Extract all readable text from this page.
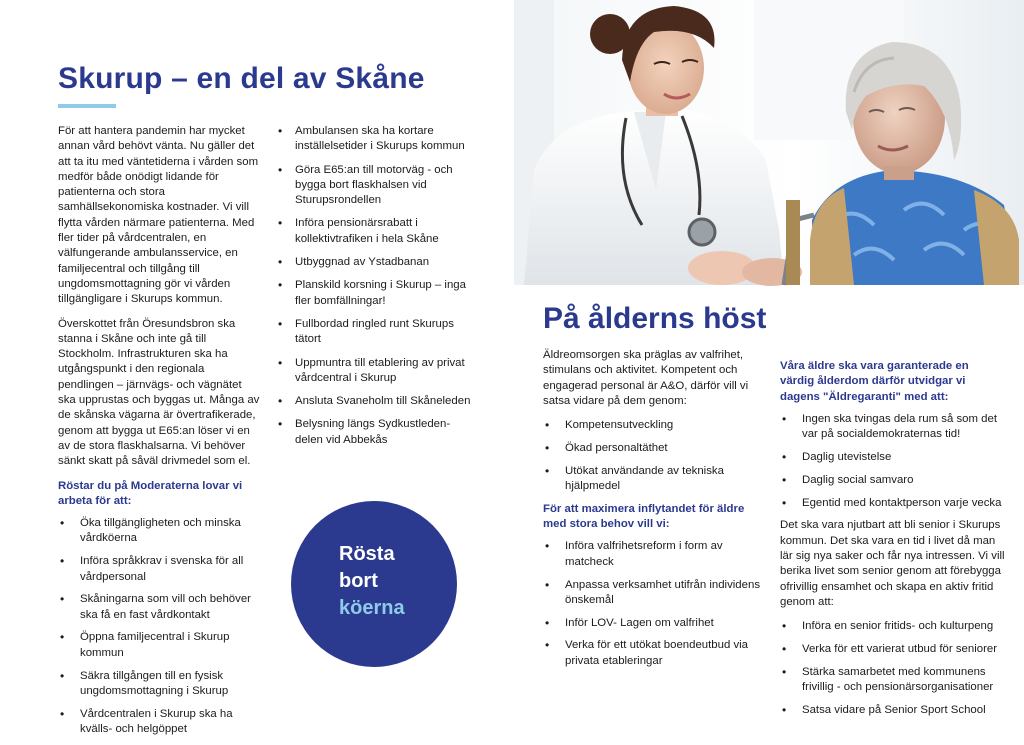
Skurup – en del av Skåne

För att hantera pandemin har mycket annan vård behövt vänta. Nu gäller det att ta itu med väntetiderna i vården som medför både onödigt lidande för patienterna och stora samhällsekonomiska kostnader. Vi vill flytta vården närmare patienterna. Med fler tider på vårdcentralen, en välfungerande ambulansservice, en familjecentral och tillgång till ungdomsmottagning gör vi vården tillgängligare i Skurups kommun.

Överskottet från Öresundsbron ska stanna i Skåne och inte gå till Stockholm. Infrastrukturen ska ha utgångspunkt i den regionala pendlingen – järnvägs- och vägnätet ska upprustas och byggas ut. Många av de skånska vägarna är övertrafikerade, genom att bygga ut E65:an löser vi en av de stora flaskhalsarna. Vi behöver sänkt skatt på såväl drivmedel som el.

Röstar du på Moderaterna lovar vi arbeta för att:

• Öka tillgängligheten och minska vårdköerna
• Införa språkkrav i svenska för all vårdpersonal
• Skåningarna som vill och behöver ska få en fast vårdkontakt
• Öppna familjecentral i Skurup kommun
• Säkra tillgången till en fysisk ungdomsmottagning i Skurup
• Vårdcentralen i Skurup ska ha kvälls- och helgöppet
• Ambulansen ska ha kortare inställelsetider i Skurups kommun
• Göra E65:an till motorväg - och bygga bort flaskhalsen vid Sturupsrondellen
• Införa pensionärsrabatt i kollektivtrafiken i hela Skåne
• Utbyggnad av Ystadbanan
• Planskild korsning i Skurup – inga fler bomfällningar!
• Fullbordad ringled runt Skurups tätort
• Uppmuntra till etablering av privat vårdcentral i Skurup
• Ansluta Svaneholm till Skåneleden
• Belysning längs Sydkustleden- delen vid Abbekås
Rösta
bort
köerna
På ålderns höst

Äldreomsorgen ska präglas av valfrihet, stimulans och aktivitet. Kompetent och engagerad personal är A&O, därför vill vi satsa vidare på dem genom:

• Kompetensutveckling
• Ökad personaltäthet
• Utökat användande av tekniska hjälpmedel

För att maximera inflytandet för äldre med stora behov vill vi:

• Införa valfrihetsreform i form av matcheck
• Anpassa verksamhet utifrån individens önskemål
• Inför LOV- Lagen om valfrihet
• Verka för ett utökat boendeutbud via privata etableringar

Våra äldre ska vara garanterade en värdig ålderdom därför utvidgar vi dagens "Äldregaranti" med att:

• Ingen ska tvingas dela rum så som det var på socialdemokraternas tid!
• Daglig utevistelse
• Daglig social samvaro
• Egentid med kontaktperson varje vecka

Det ska vara njutbart att bli senior i Skurups kommun. Det ska vara en tid i livet då man lär sig nya saker och får nya intressen. Vi vill berika livet som senior genom att förebygga ofrivillig ensamhet och skapa en aktiv fritid genom att:

• Införa en senior fritids- och kulturpeng
• Verka för ett varierat utbud för seniorer
• Stärka samarbetet med kommunens frivillig - och pensionärsorganisationer
• Satsa vidare på Senior Sport School
